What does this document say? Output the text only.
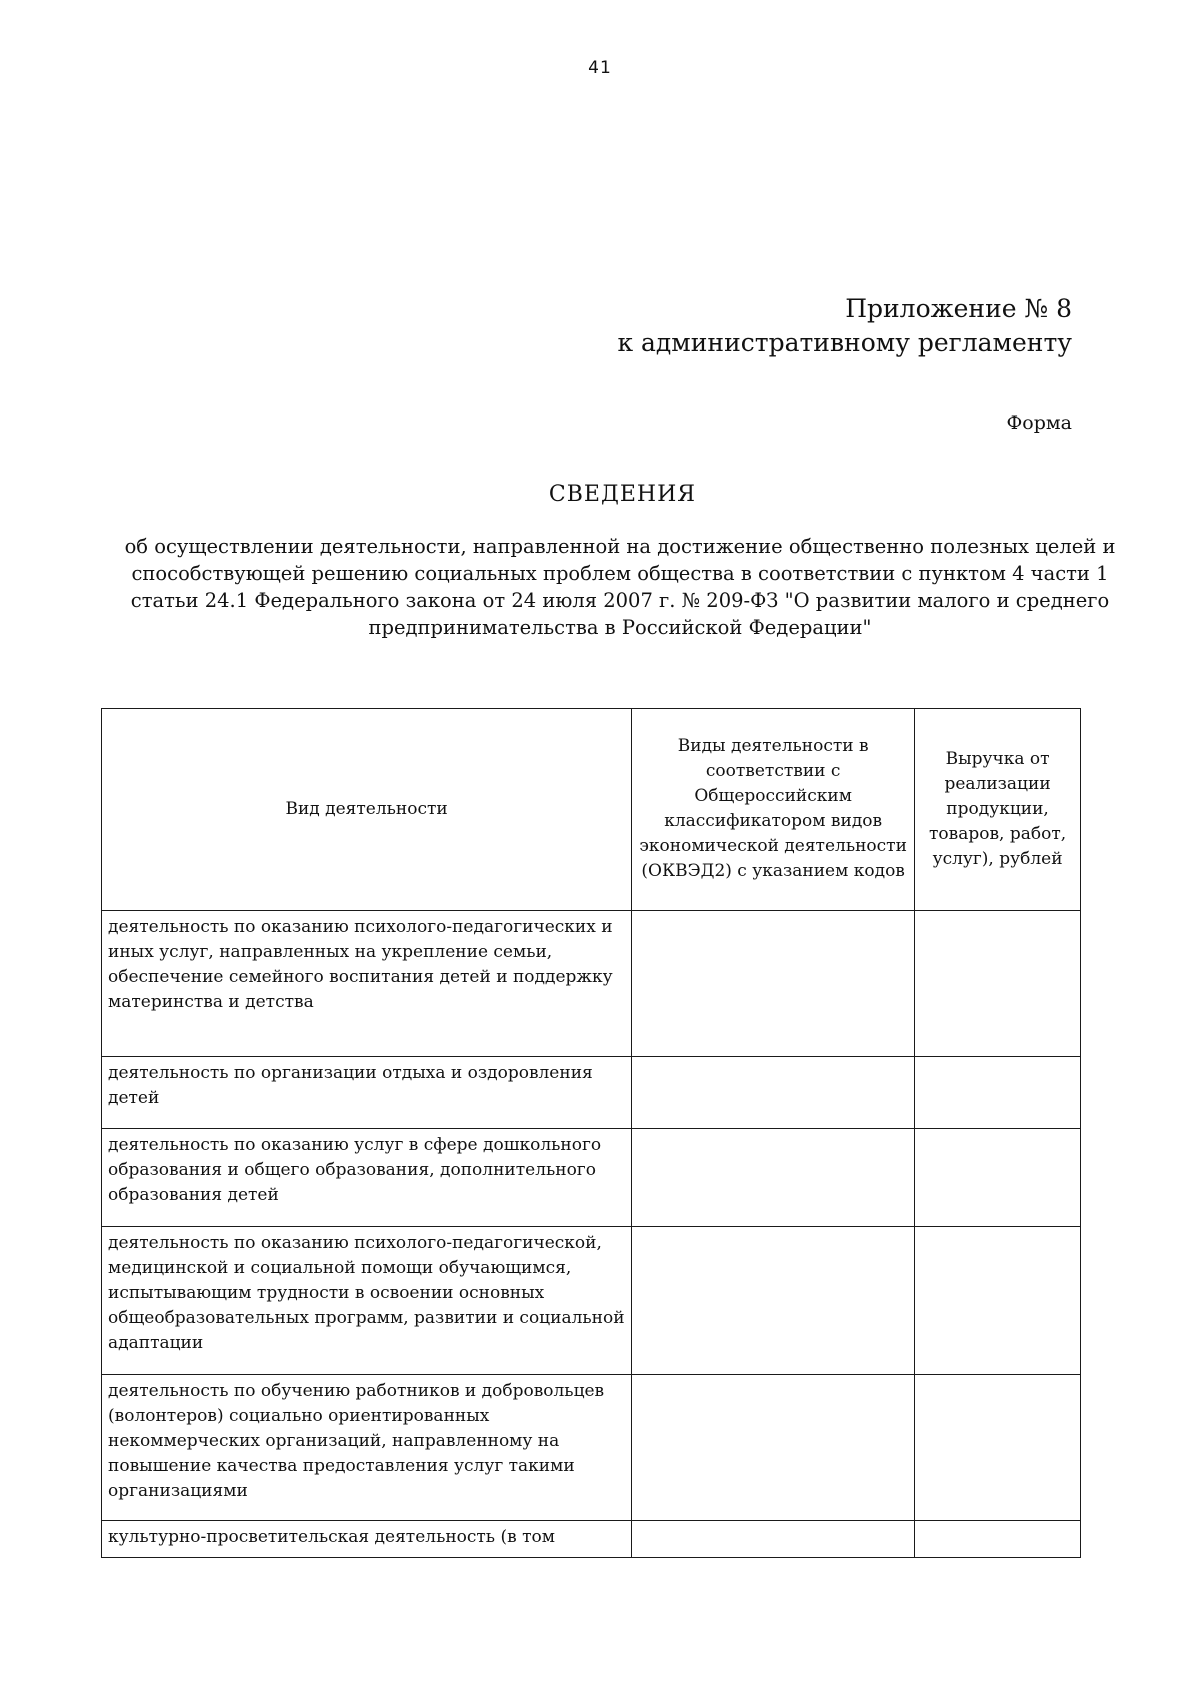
41
Приложение № 8
к административному регламенту
Форма
СВЕДЕНИЯ
об осуществлении деятельности, направленной на достижение общественно полезных целей и способствующей решению социальных проблем общества в соответствии с пунктом 4 части 1 статьи 24.1 Федерального закона от 24 июля 2007 г. № 209-ФЗ "О развитии малого и среднего предпринимательства в Российской Федерации"
Вид деятельности	Виды деятельности в соответствии с Общероссийским классификатором видов экономической деятельности (ОКВЭД2) с указанием кодов	Выручка от реализации продукции, товаров, работ, услуг), рублей
деятельность по оказанию психолого-педагогических и иных услуг, направленных на укрепление семьи, обеспечение семейного воспитания детей и поддержку материнства и детства		
деятельность по организации отдыха и оздоровления детей		
деятельность по оказанию услуг в сфере дошкольного образования и общего образования, дополнительного образования детей		
деятельность по оказанию психолого-педагогической, медицинской и социальной помощи обучающимся, испытывающим трудности в освоении основных общеобразовательных программ, развитии и социальной адаптации		
деятельность по обучению работников и добровольцев (волонтеров) социально ориентированных некоммерческих организаций, направленному на повышение качества предоставления услуг такими организациями		
культурно-просветительская деятельность (в том		
